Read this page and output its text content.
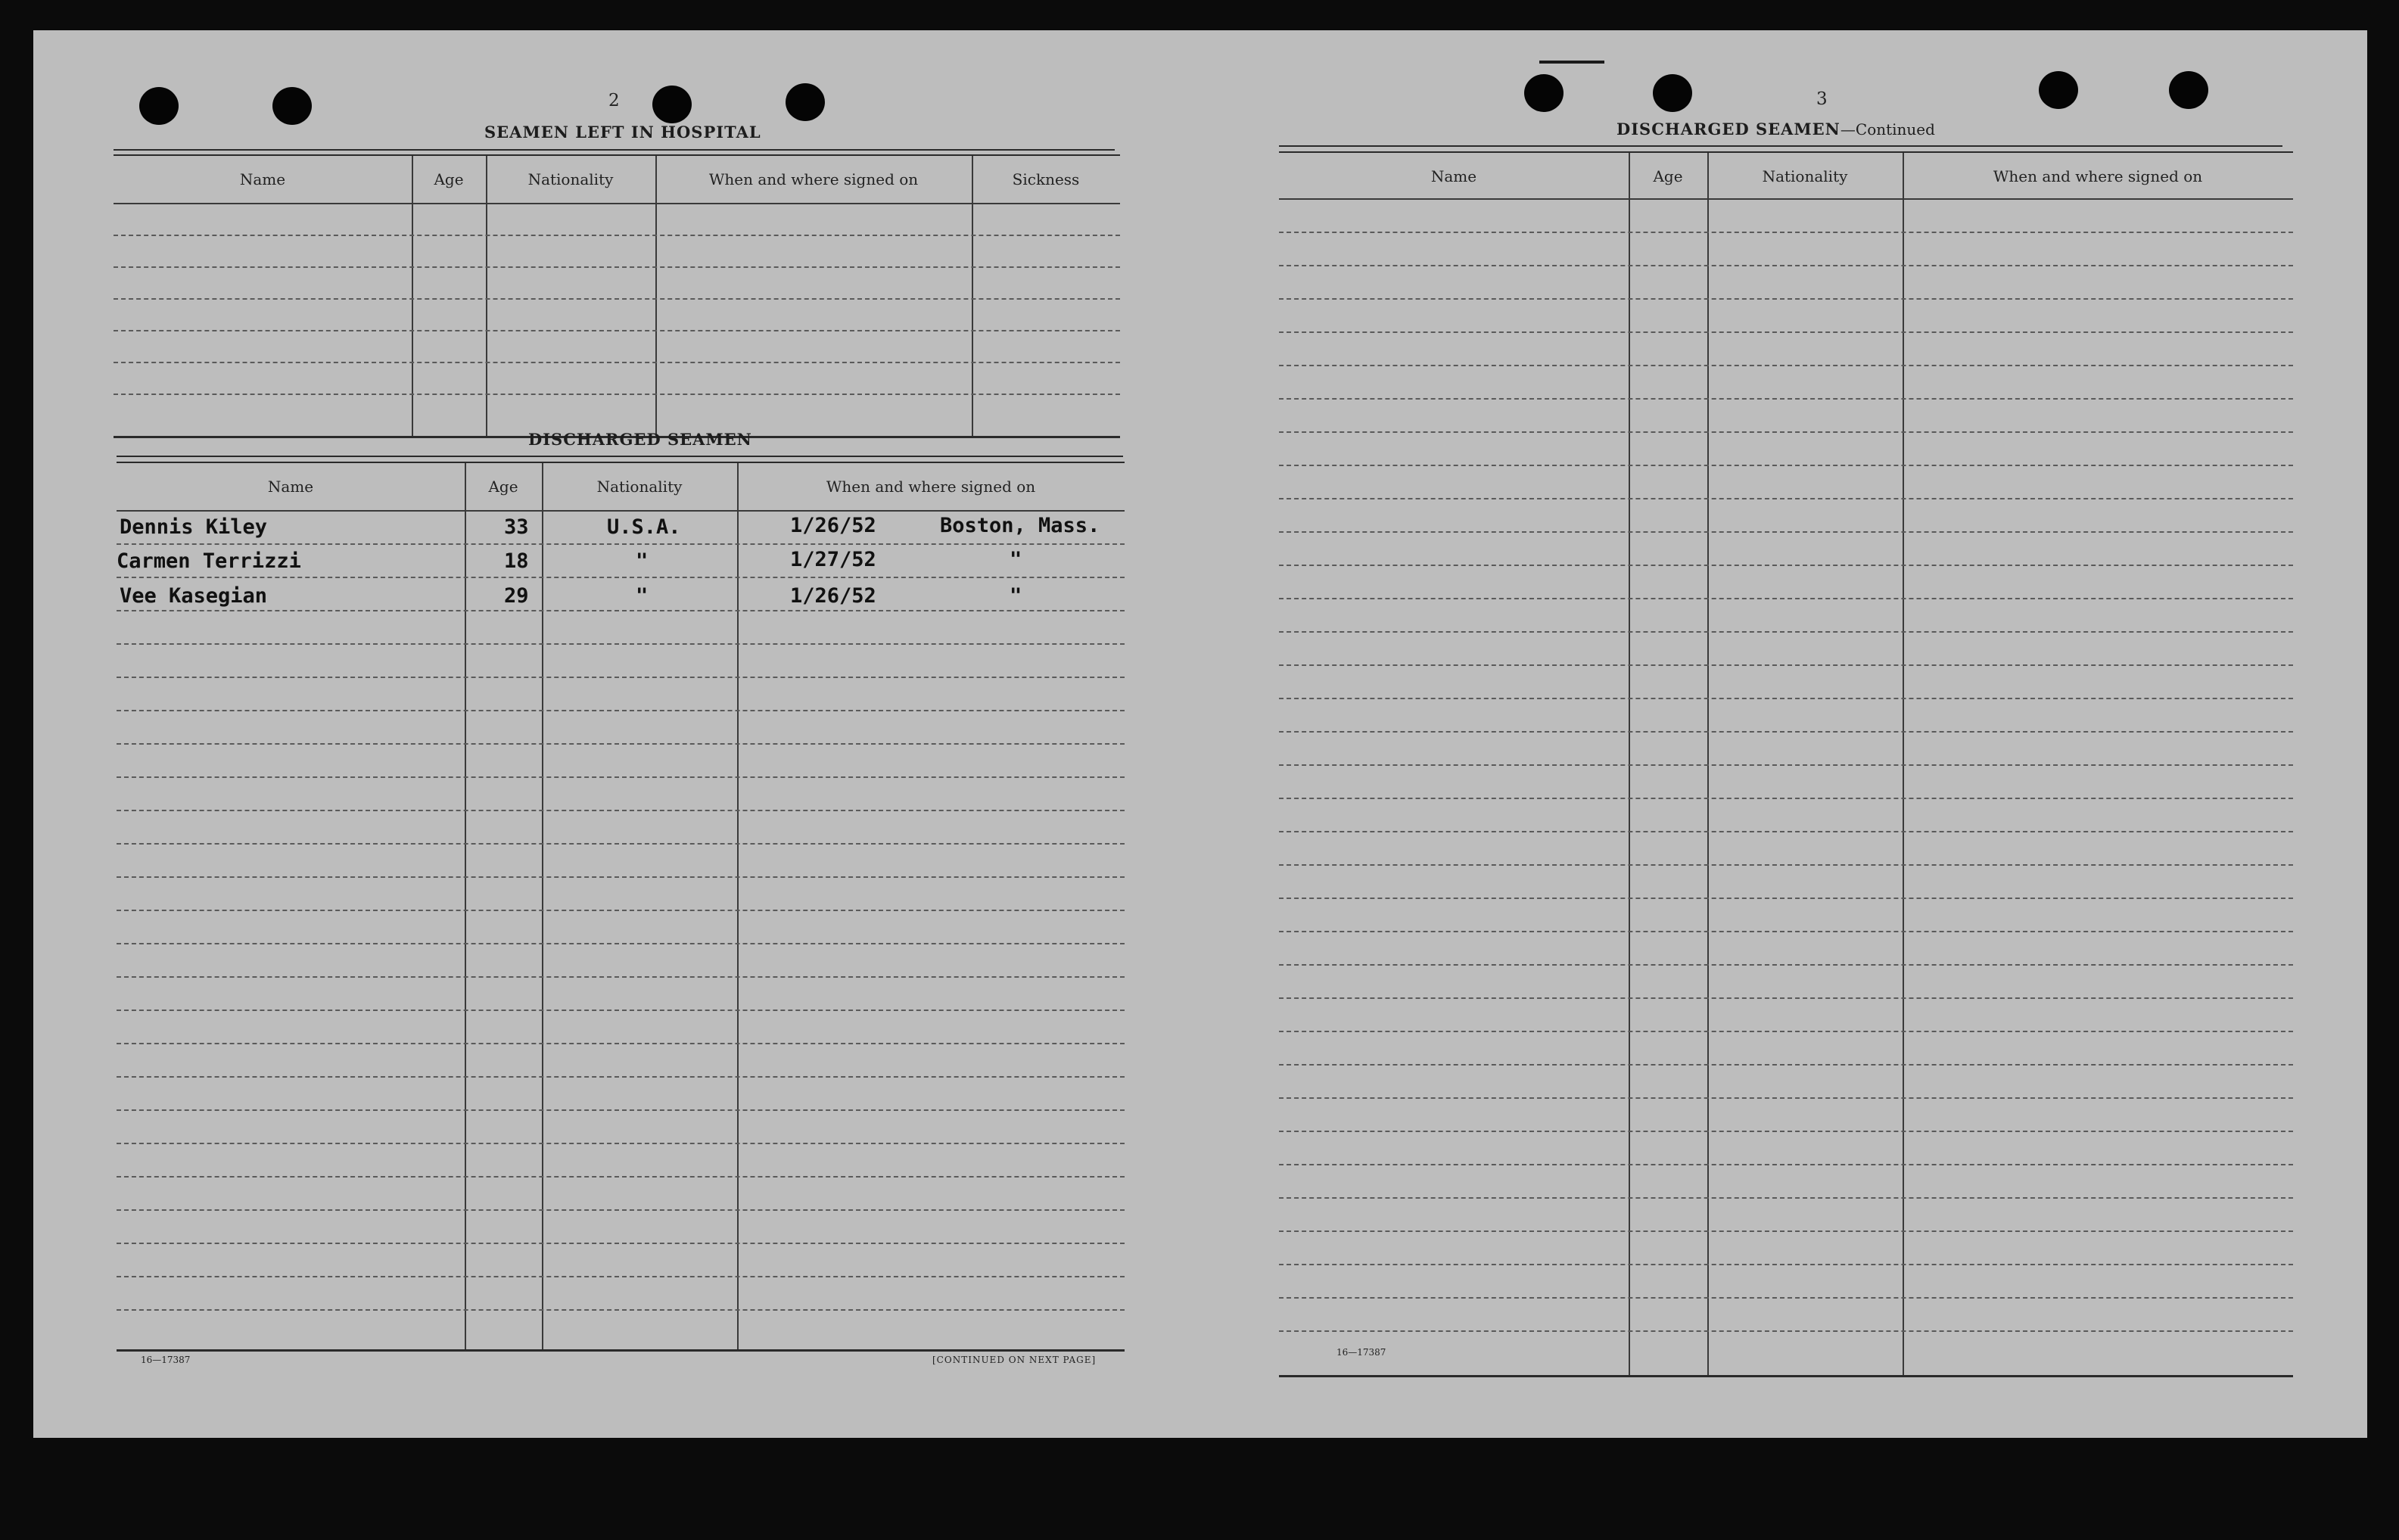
2
SEAMEN LEFT IN HOSPITAL
Name	Age	Nationality	When and where signed on	Sickness
DISCHARGED SEAMEN
Name	Age	Nationality	When and where signed on
Dennis Kiley	33	U.S.A.	1/26/52	Boston, Mass.
Carmen Terrizzi	18	"	1/27/52	"
Vee Kasegian	29	"	1/26/52	"
16—17387	[CONTINUED ON NEXT PAGE]
3
DISCHARGED SEAMEN—Continued
Name	Age	Nationality	When and where signed on
16—17387
